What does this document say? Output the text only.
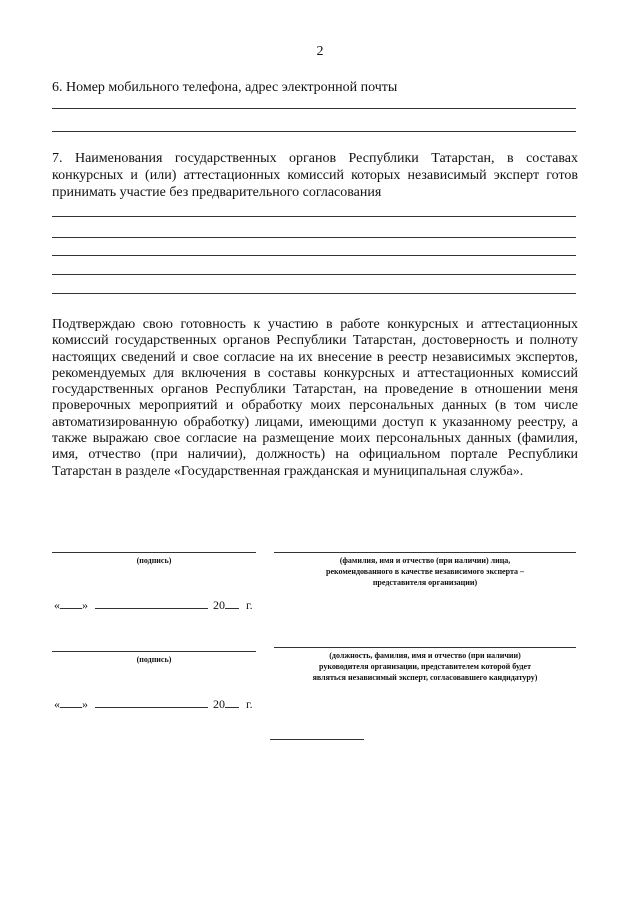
2
6. Номер мобильного телефона, адрес электронной почты
7. Наименования государственных органов Республики Татарстан, в составах конкурсных и (или) аттестационных комиссий которых независимый эксперт готов принимать участие без предварительного согласования
Подтверждаю свою готовность к участию в работе конкурсных и аттестационных комиссий государственных органов Республики Татарстан, достоверность и полноту настоящих сведений и свое согласие на их внесение в реестр независимых экспертов, рекомендуемых для включения в составы конкурсных и аттестационных комиссий государственных органов Республики Татарстан, на проведение в отношении меня проверочных мероприятий и обработку моих персональных данных (в том числе автоматизированную обработку) лицами, имеющими доступ к указанному реестру, а также выражаю свое согласие на размещение моих персональных данных (фамилия, имя, отчество (при наличии), должность) на официальном портале Республики Татарстан в разделе «Государственная гражданская и муниципальная служба».
(подпись)	(фамилия, имя и отчество (при наличии) лица,
рекомендованного в качестве независимого эксперта –
представителя организации)
« »	20 г.
(подпись)	(должность, фамилия, имя и отчество (при наличии)
руководителя организации, представителем которой будет
являться независимый эксперт, согласовавшего кандидатуру)
« »	20 г.
